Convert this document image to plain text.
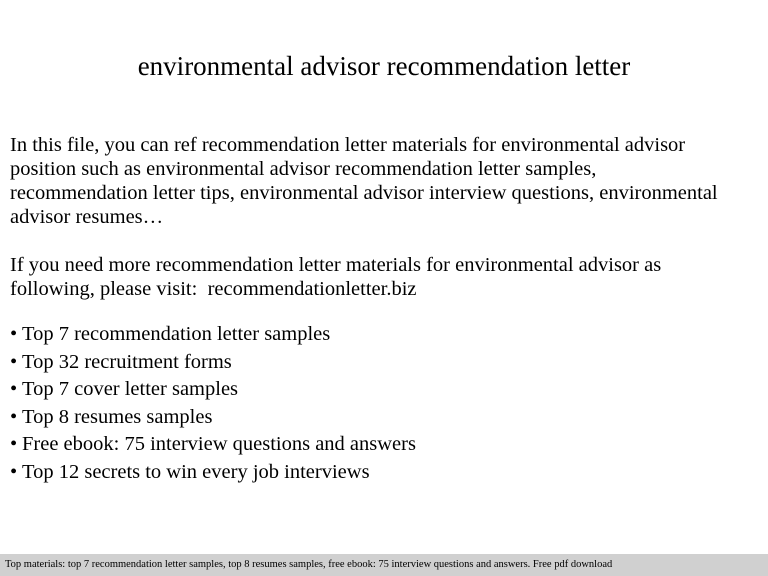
environmental advisor recommendation letter
In this file, you can ref recommendation letter materials for environmental advisor
position such as environmental advisor recommendation letter samples,
recommendation letter tips, environmental advisor interview questions, environmental
advisor resumes…
If you need more recommendation letter materials for environmental advisor as
following, please visit:  recommendationletter.biz
• Top 7 recommendation letter samples
• Top 32 recruitment forms
• Top 7 cover letter samples
• Top 8 resumes samples
• Free ebook: 75 interview questions and answers
• Top 12 secrets to win every job interviews
Top materials: top 7 recommendation letter samples, top 8 resumes samples, free ebook: 75 interview questions and answers. Free pdf download
